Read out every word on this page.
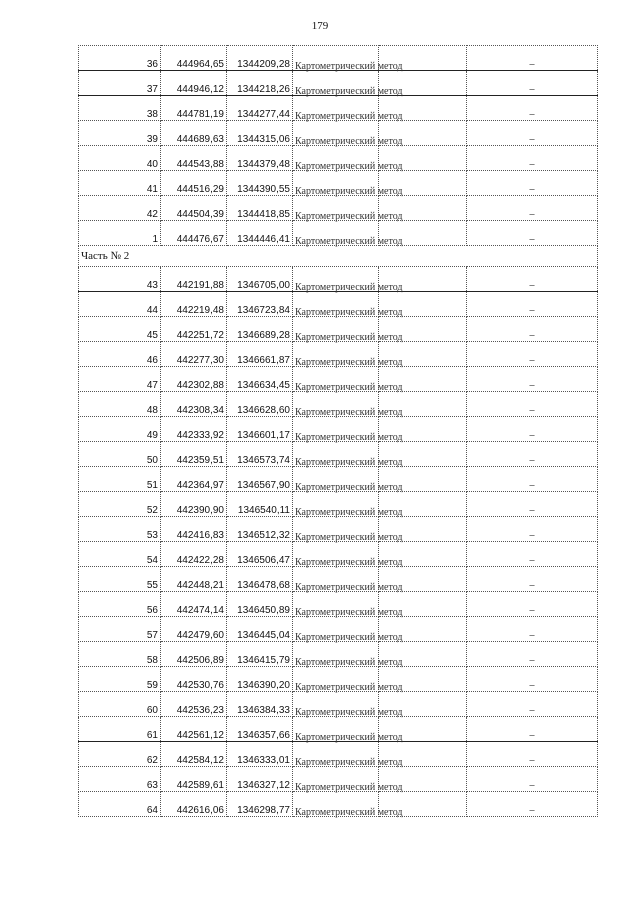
179
36	444964,65	1344209,28	Картометрический метод		–
37	444946,12	1344218,26	Картометрический метод		–
38	444781,19	1344277,44	Картометрический метод		–
39	444689,63	1344315,06	Картометрический метод		–
40	444543,88	1344379,48	Картометрический метод		–
41	444516,29	1344390,55	Картометрический метод		–
42	444504,39	1344418,85	Картометрический метод		–
1	444476,67	1344446,41	Картометрический метод		–
Часть № 2					
43	442191,88	1346705,00	Картометрический метод		–
44	442219,48	1346723,84	Картометрический метод		–
45	442251,72	1346689,28	Картометрический метод		–
46	442277,30	1346661,87	Картометрический метод		–
47	442302,88	1346634,45	Картометрический метод		–
48	442308,34	1346628,60	Картометрический метод		–
49	442333,92	1346601,17	Картометрический метод		–
50	442359,51	1346573,74	Картометрический метод		–
51	442364,97	1346567,90	Картометрический метод		–
52	442390,90	1346540,11	Картометрический метод		–
53	442416,83	1346512,32	Картометрический метод		–
54	442422,28	1346506,47	Картометрический метод		–
55	442448,21	1346478,68	Картометрический метод		–
56	442474,14	1346450,89	Картометрический метод		–
57	442479,60	1346445,04	Картометрический метод		–
58	442506,89	1346415,79	Картометрический метод		–
59	442530,76	1346390,20	Картометрический метод		–
60	442536,23	1346384,33	Картометрический метод		–
61	442561,12	1346357,66	Картометрический метод		–
62	442584,12	1346333,01	Картометрический метод		–
63	442589,61	1346327,12	Картометрический метод		–
64	442616,06	1346298,77	Картометрический метод		–
